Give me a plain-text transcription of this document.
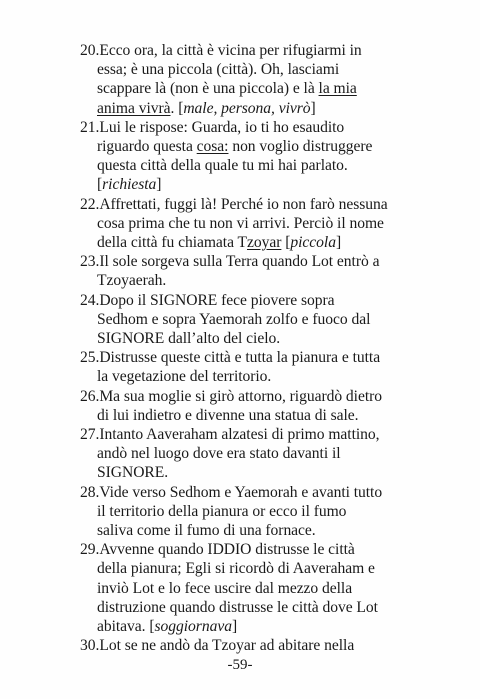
20.Ecco ora, la città è vicina per rifugiarmi in
essa; è una piccola (città). Oh, lasciami
scappare là (non è una piccola) e là la mia
anima vivrà. [male, persona, vivrò]
21.Lui le rispose: Guarda, io ti ho esaudito
riguardo questa cosa: non voglio distruggere
questa città della quale tu mi hai parlato.
[richiesta]
22.Affrettati, fuggi là! Perché io non farò nessuna
cosa prima che tu non vi arrivi. Perciò il nome
della città fu chiamata Tzoyar [piccola]
23.Il sole sorgeva sulla Terra quando Lot entrò a
Tzoyaerah.
24.Dopo il SIGNORE fece piovere sopra
Sedhom e sopra Yaemorah zolfo e fuoco dal
SIGNORE dall’alto del cielo.
25.Distrusse queste città e tutta la pianura e tutta
la vegetazione del territorio.
26.Ma sua moglie si girò attorno, riguardò dietro
di lui indietro e divenne una statua di sale.
27.Intanto Aaveraham alzatesi di primo mattino,
andò nel luogo dove era stato davanti il
SIGNORE.
28.Vide verso Sedhom e Yaemorah e avanti tutto
il territorio della pianura or ecco il fumo
saliva come il fumo di una fornace.
29.Avvenne quando IDDIO distrusse le città
della pianura; Egli si ricordò di Aaveraham e
inviò Lot e lo fece uscire dal mezzo della
distruzione quando distrusse le città dove Lot
abitava. [soggiornava]
30.Lot se ne andò da Tzoyar ad abitare nella
-59-
